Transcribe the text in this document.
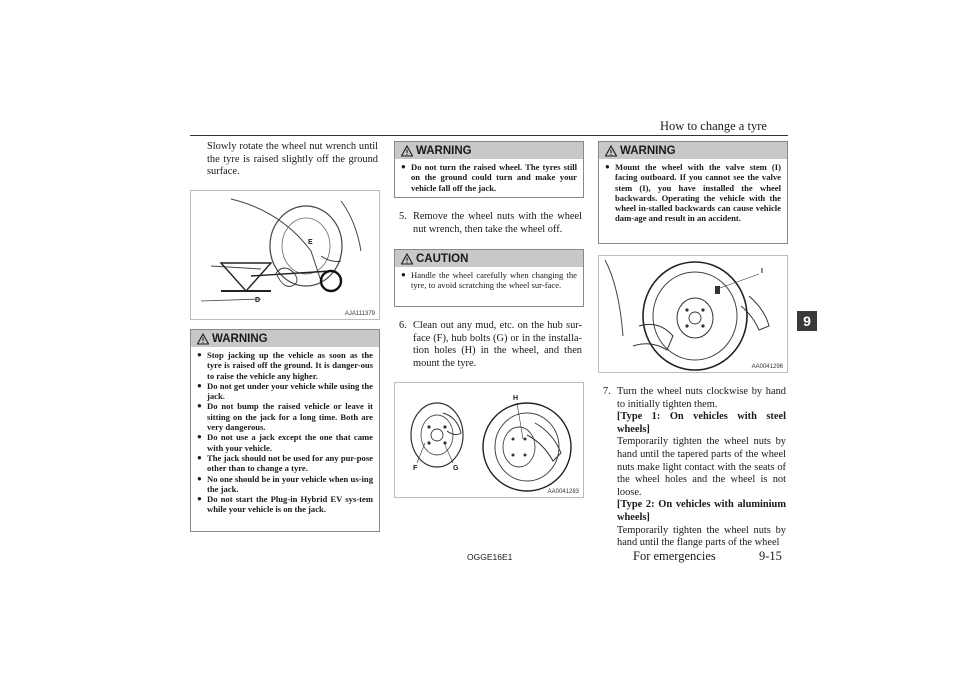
How to change a tyre
9

Slowly rotate the wheel nut wrench until the tyre is raised slightly off the ground surface.

E
D
AJA111379
WARNING
● Stop jacking up the vehicle as soon as the tyre is raised off the ground. It is danger-ous to raise the vehicle any higher.
● Do not get under your vehicle while using the jack.
● Do not bump the raised vehicle or leave it sitting on the jack for a long time. Both are very dangerous.
● Do not use a jack except the one that came with your vehicle.
● The jack should not be used for any pur-pose other than to change a tyre.
● No one should be in your vehicle when us-ing the jack.
● Do not start the Plug-in Hybrid EV sys-tem while your vehicle is on the jack.
WARNING
● Do not turn the raised wheel. The tyres still on the ground could turn and make your vehicle fall off the jack.
5. Remove the wheel nuts with the wheel nut wrench, then take the wheel off.
CAUTION
● Handle the wheel carefully when changing the tyre, to avoid scratching the wheel sur-face.
6. Clean out any mud, etc. on the hub sur-face (F), hub bolts (G) or in the installa-tion holes (H) in the wheel, and then mount the tyre.
F	G
H
AA0041283
WARNING
● Mount the wheel with the valve stem (I) facing outboard. If you cannot see the valve stem (I), you have installed the wheel backwards. Operating the vehicle with the wheel in-stalled backwards can cause vehicle dam-age and result in an accident.
I
AA0041296
7. Turn the wheel nuts clockwise by hand to initially tighten them.
[Type 1: On vehicles with steel wheels]
Temporarily tighten the wheel nuts by hand until the tapered parts of the wheel nuts make light contact with the seats of the wheel holes and the wheel is not loose.
[Type 2: On vehicles with aluminium wheels]
Temporarily tighten the wheel nuts by hand until the flange parts of the wheel
OGGE16E1	For emergencies	9-15
